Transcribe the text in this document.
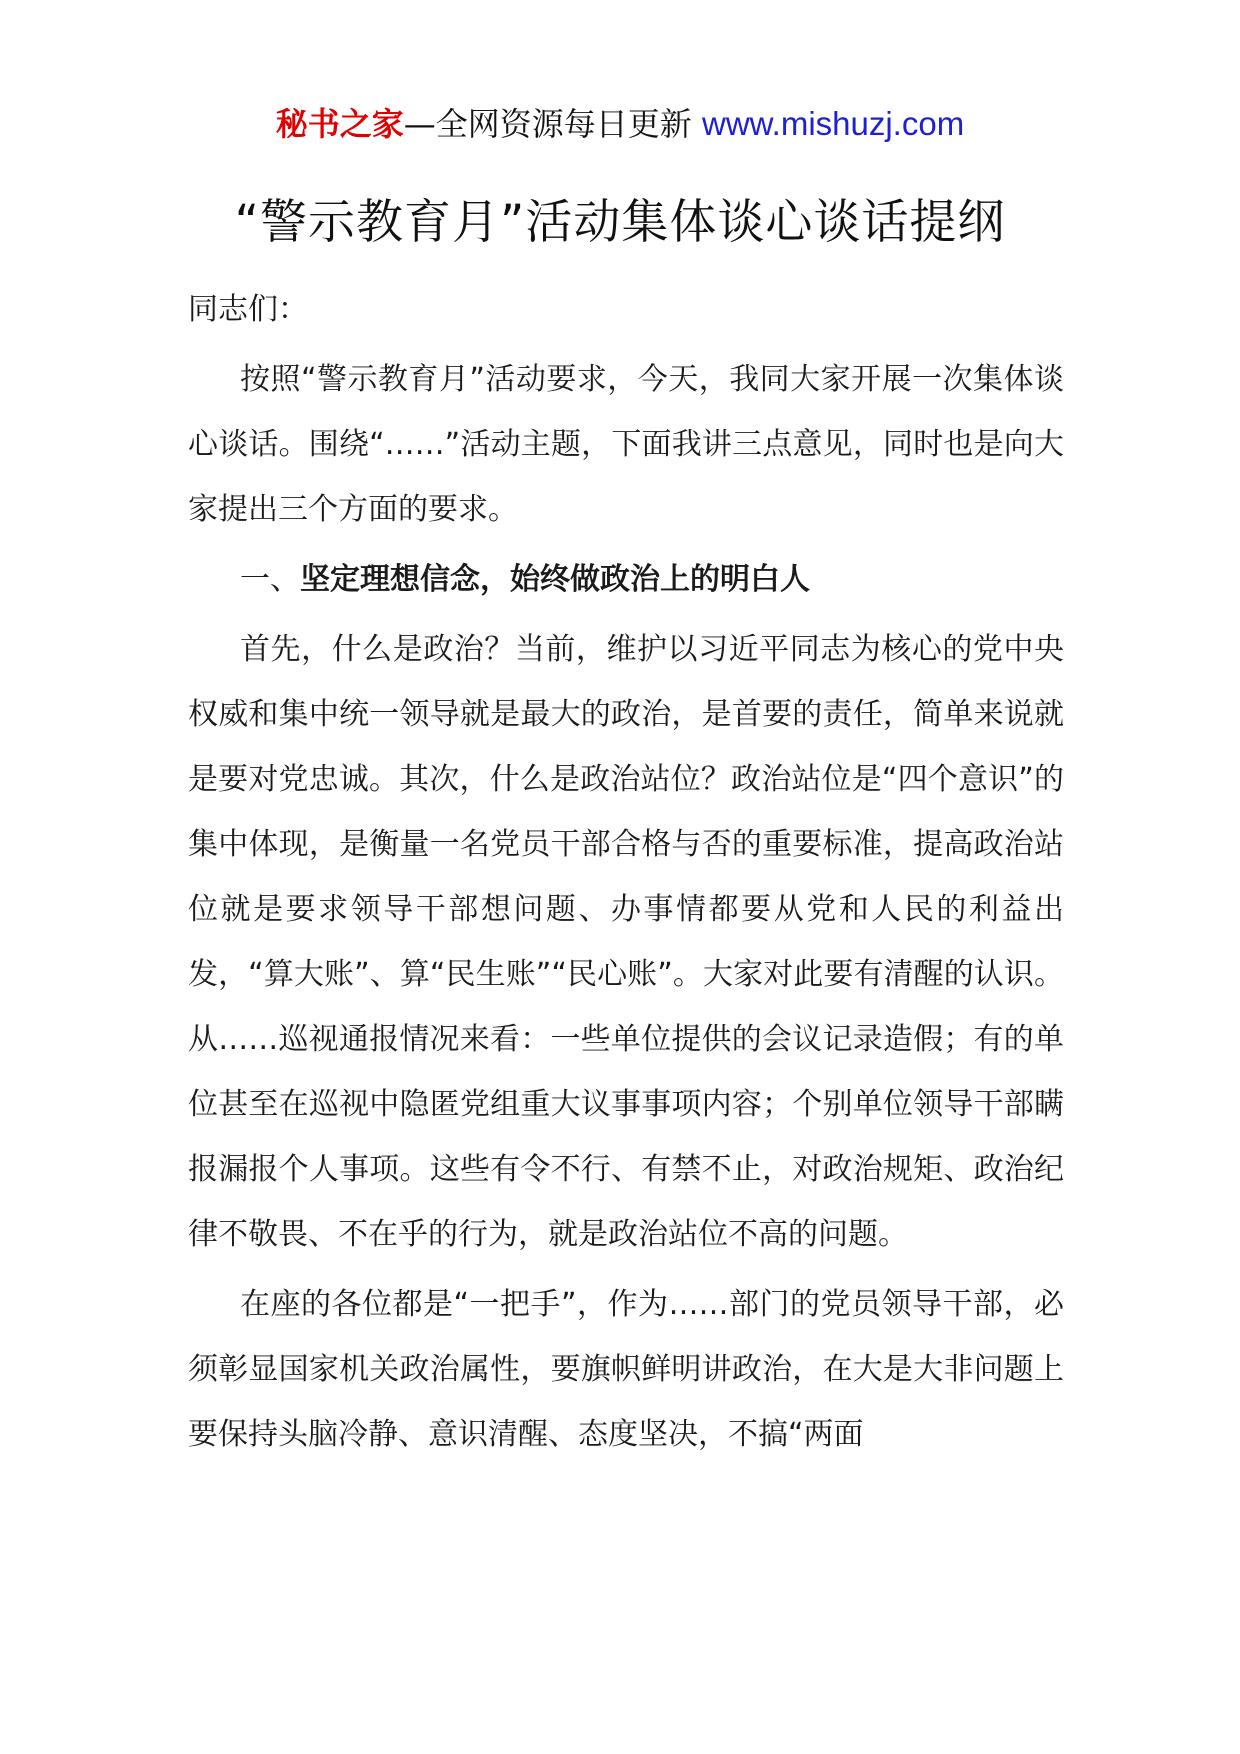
秘书之家—全网资源每日更新 www.mishuzj.com
“警示教育月”活动集体谈心谈话提纲

同志们：

按照“警示教育月”活动要求，今天，我同大家开展一次集体谈心谈话。围绕“……”活动主题，下面我讲三点意见，同时也是向大家提出三个方面的要求。

一、坚定理想信念，始终做政治上的明白人

首先，什么是政治？当前，维护以习近平同志为核心的党中央权威和集中统一领导就是最大的政治，是首要的责任，简单来说就是要对党忠诚。其次，什么是政治站位？政治站位是“四个意识”的集中体现，是衡量一名党员干部合格与否的重要标准，提高政治站位就是要求领导干部想问题、办事情都要从党和人民的利益出发，“算大账”、算“民生账”“民心账”。大家对此要有清醒的认识。从……巡视通报情况来看：一些单位提供的会议记录造假；有的单位甚至在巡视中隐匿党组重大议事事项内容；个别单位领导干部瞒报漏报个人事项。这些有令不行、有禁不止，对政治规矩、政治纪律不敬畏、不在乎的行为，就是政治站位不高的问题。

在座的各位都是“一把手”，作为……部门的党员领导干部，必须彰显国家机关政治属性，要旗帜鲜明讲政治，在大是大非问题上要保持头脑冷静、意识清醒、态度坚决，不搞“两面
